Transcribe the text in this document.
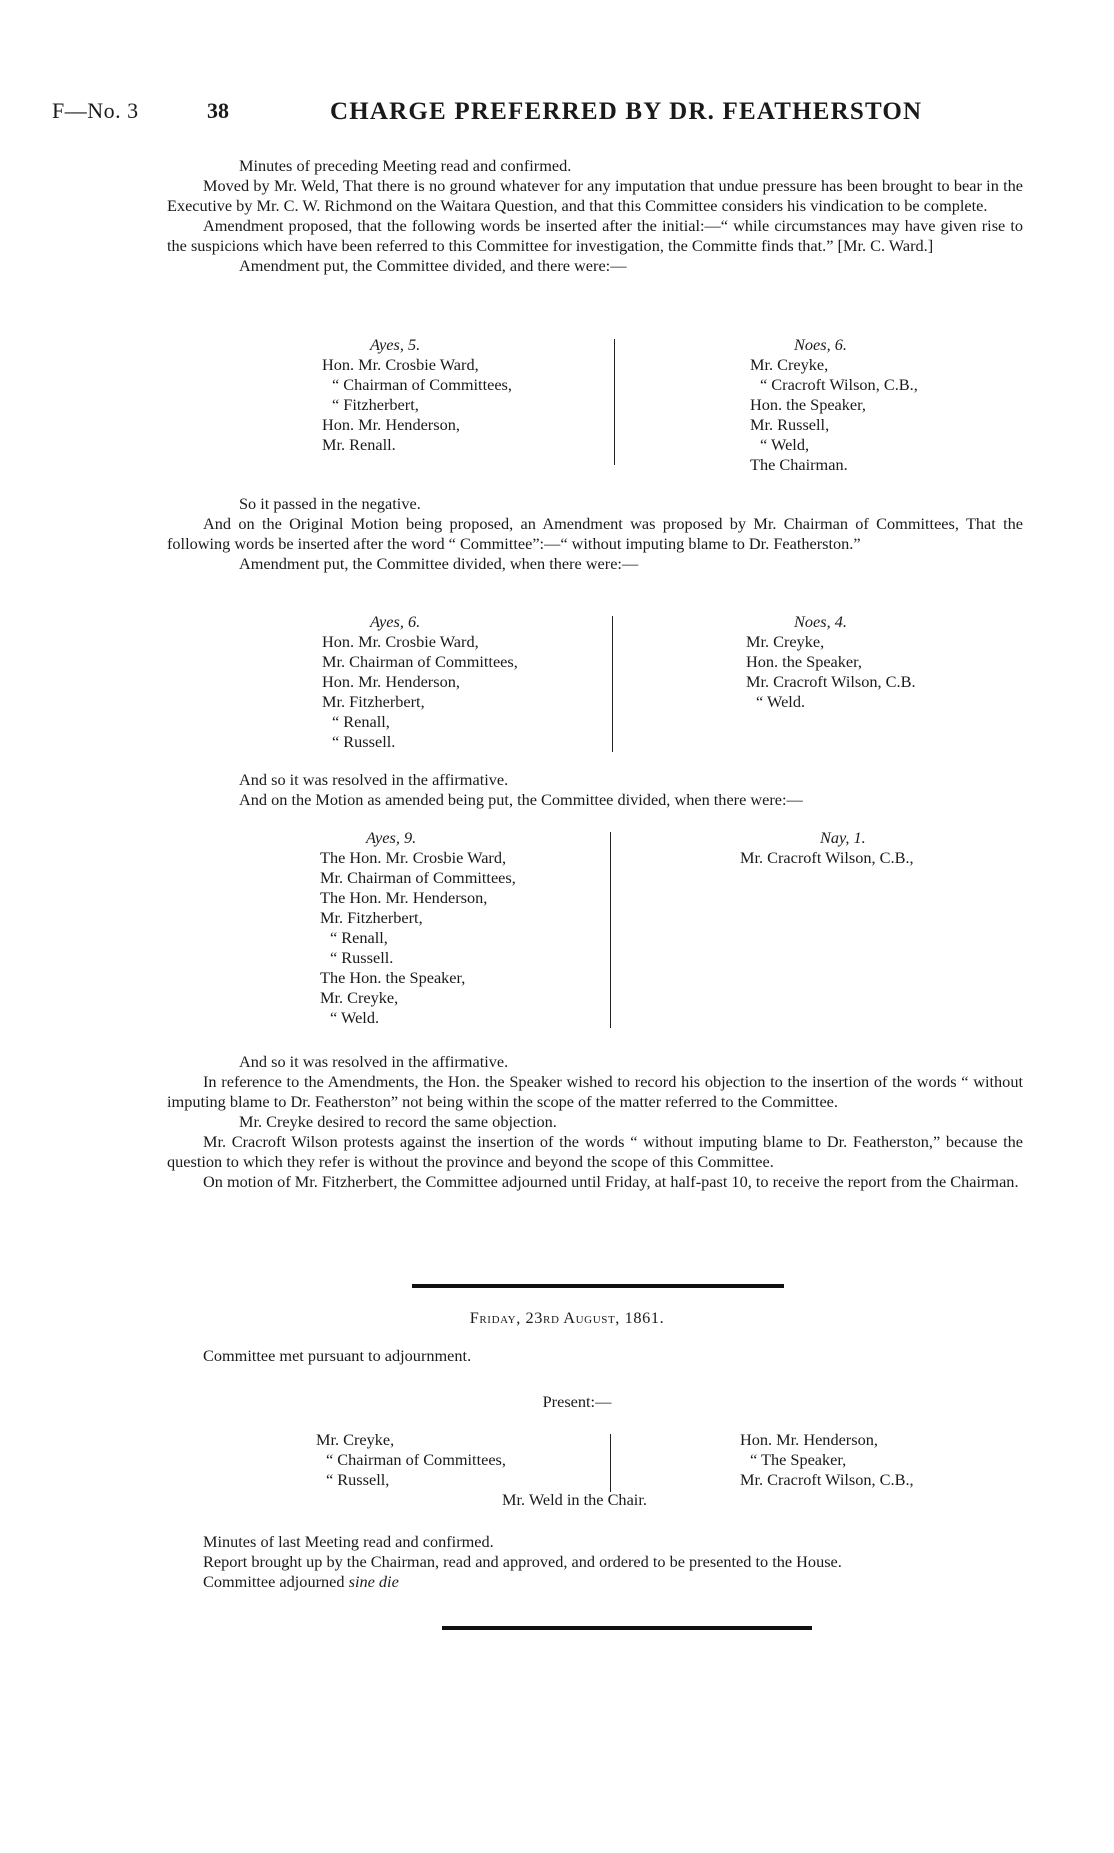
F—No. 3	38	CHARGE PREFERRED BY DR. FEATHERSTON

Minutes of preceding Meeting read and confirmed.

Moved by Mr. Weld, That there is no ground whatever for any imputation that undue pressure has been brought to bear in the Executive by Mr. C. W. Richmond on the Waitara Question, and that this Committee considers his vindication to be complete.

Amendment proposed, that the following words be inserted after the initial:—“ while circumstances may have given rise to the suspicions which have been referred to this Committee for investigation, the Committe finds that.” [Mr. C. Ward.]

Amendment put, the Committee divided, and there were:—

Ayes, 5.
Hon. Mr. Crosbie Ward,
“ Chairman of Committees,
“ Fitzherbert,
Hon. Mr. Henderson,
Mr. Renall.
Noes, 6.
Mr. Creyke,
“ Cracroft Wilson, C.B.,
Hon. the Speaker,
Mr. Russell,
“ Weld,
The Chairman.

So it passed in the negative.

And on the Original Motion being proposed, an Amendment was proposed by Mr. Chairman of Committees, That the following words be inserted after the word “ Committee”:—“ without imputing blame to Dr. Featherston.”

Amendment put, the Committee divided, when there were:—

Ayes, 6.
Hon. Mr. Crosbie Ward,
Mr. Chairman of Committees,
Hon. Mr. Henderson,
Mr. Fitzherbert,
“ Renall,
“ Russell.
Noes, 4.
Mr. Creyke,
Hon. the Speaker,
Mr. Cracroft Wilson, C.B.
“ Weld.

And so it was resolved in the affirmative.

And on the Motion as amended being put, the Committee divided, when there were:—

Ayes, 9.
The Hon. Mr. Crosbie Ward,
Mr. Chairman of Committees,
The Hon. Mr. Henderson,
Mr. Fitzherbert,
“ Renall,
“ Russell.
The Hon. the Speaker,
Mr. Creyke,
“ Weld.
Nay, 1.
Mr. Cracroft Wilson, C.B.,

And so it was resolved in the affirmative.

In reference to the Amendments, the Hon. the Speaker wished to record his objection to the insertion of the words “ without imputing blame to Dr. Featherston” not being within the scope of the matter referred to the Committee.

Mr. Creyke desired to record the same objection.

Mr. Cracroft Wilson protests against the insertion of the words “ without imputing blame to Dr. Featherston,” because the question to which they refer is without the province and beyond the scope of this Committee.

On motion of Mr. Fitzherbert, the Committee adjourned until Friday, at half-past 10, to receive the report from the Chairman.

Friday, 23rd August, 1861.

Committee met pursuant to adjournment.

Present:—
Mr. Creyke,
“ Chairman of Committees,
“ Russell,
Hon. Mr. Henderson,
“ The Speaker,
Mr. Cracroft Wilson, C.B.,
Mr. Weld in the Chair.

Minutes of last Meeting read and confirmed.

Report brought up by the Chairman, read and approved, and ordered to be presented to the House.

Committee adjourned sine die
